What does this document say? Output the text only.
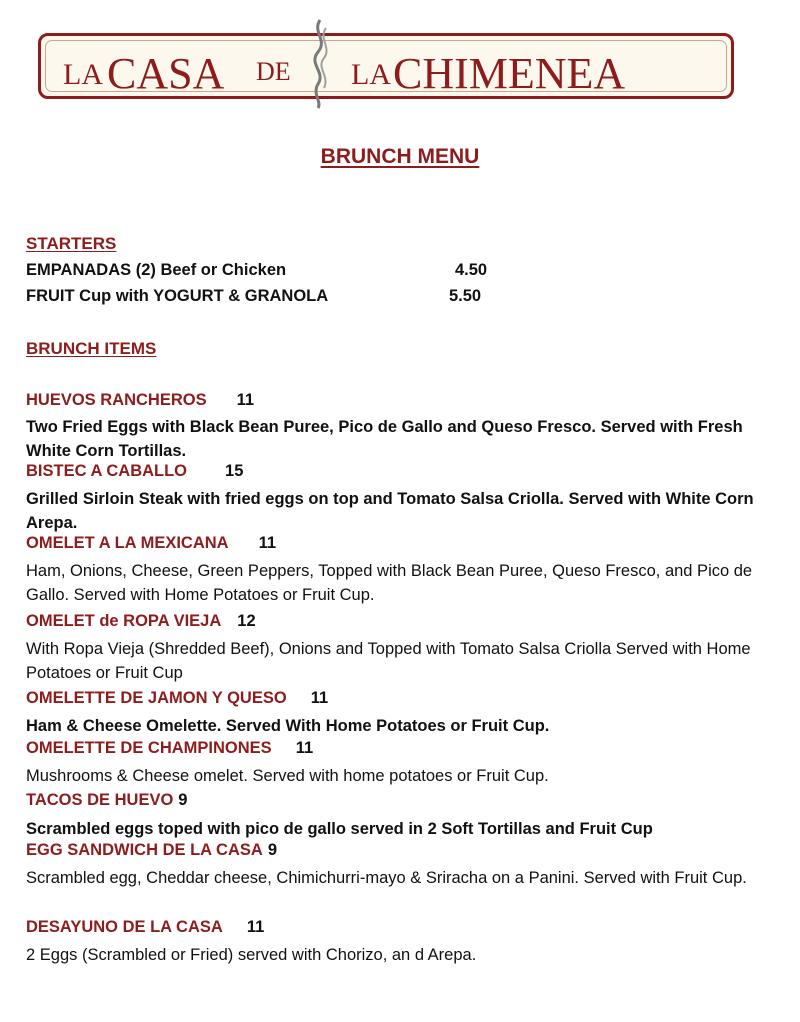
LA CASA DE LA CHIMENEA
BRUNCH MENU
STARTERS
EMPANADAS (2) Beef or Chicken	4.50
FRUIT Cup with YOGURT & GRANOLA	5.50
BRUNCH ITEMS
HUEVOS RANCHEROS 11
Two Fried Eggs with Black Bean Puree, Pico de Gallo and Queso Fresco. Served with Fresh White Corn Tortillas.
BISTEC A CABALLO 15
Grilled Sirloin Steak with fried eggs on top and Tomato Salsa Criolla. Served with White Corn Arepa.
OMELET A LA MEXICANA 11
Ham, Onions, Cheese, Green Peppers, Topped with Black Bean Puree, Queso Fresco, and Pico de Gallo. Served with Home Potatoes or Fruit Cup.
OMELET de ROPA VIEJA 12
With Ropa Vieja (Shredded Beef), Onions and Topped with Tomato Salsa Criolla Served with Home Potatoes or Fruit Cup
OMELETTE DE JAMON Y QUESO 11
Ham & Cheese Omelette. Served With Home Potatoes or Fruit Cup.
OMELETTE DE CHAMPINONES 11
Mushrooms & Cheese omelet. Served with home potatoes or Fruit Cup.
TACOS DE HUEVO 9
Scrambled eggs toped with pico de gallo served in 2 Soft Tortillas and Fruit Cup
EGG SANDWICH DE LA CASA 9
Scrambled egg, Cheddar cheese, Chimichurri-mayo & Sriracha on a Panini. Served with Fruit Cup.
DESAYUNO DE LA CASA 11
2 Eggs (Scrambled or Fried) served with Chorizo, an d Arepa.
